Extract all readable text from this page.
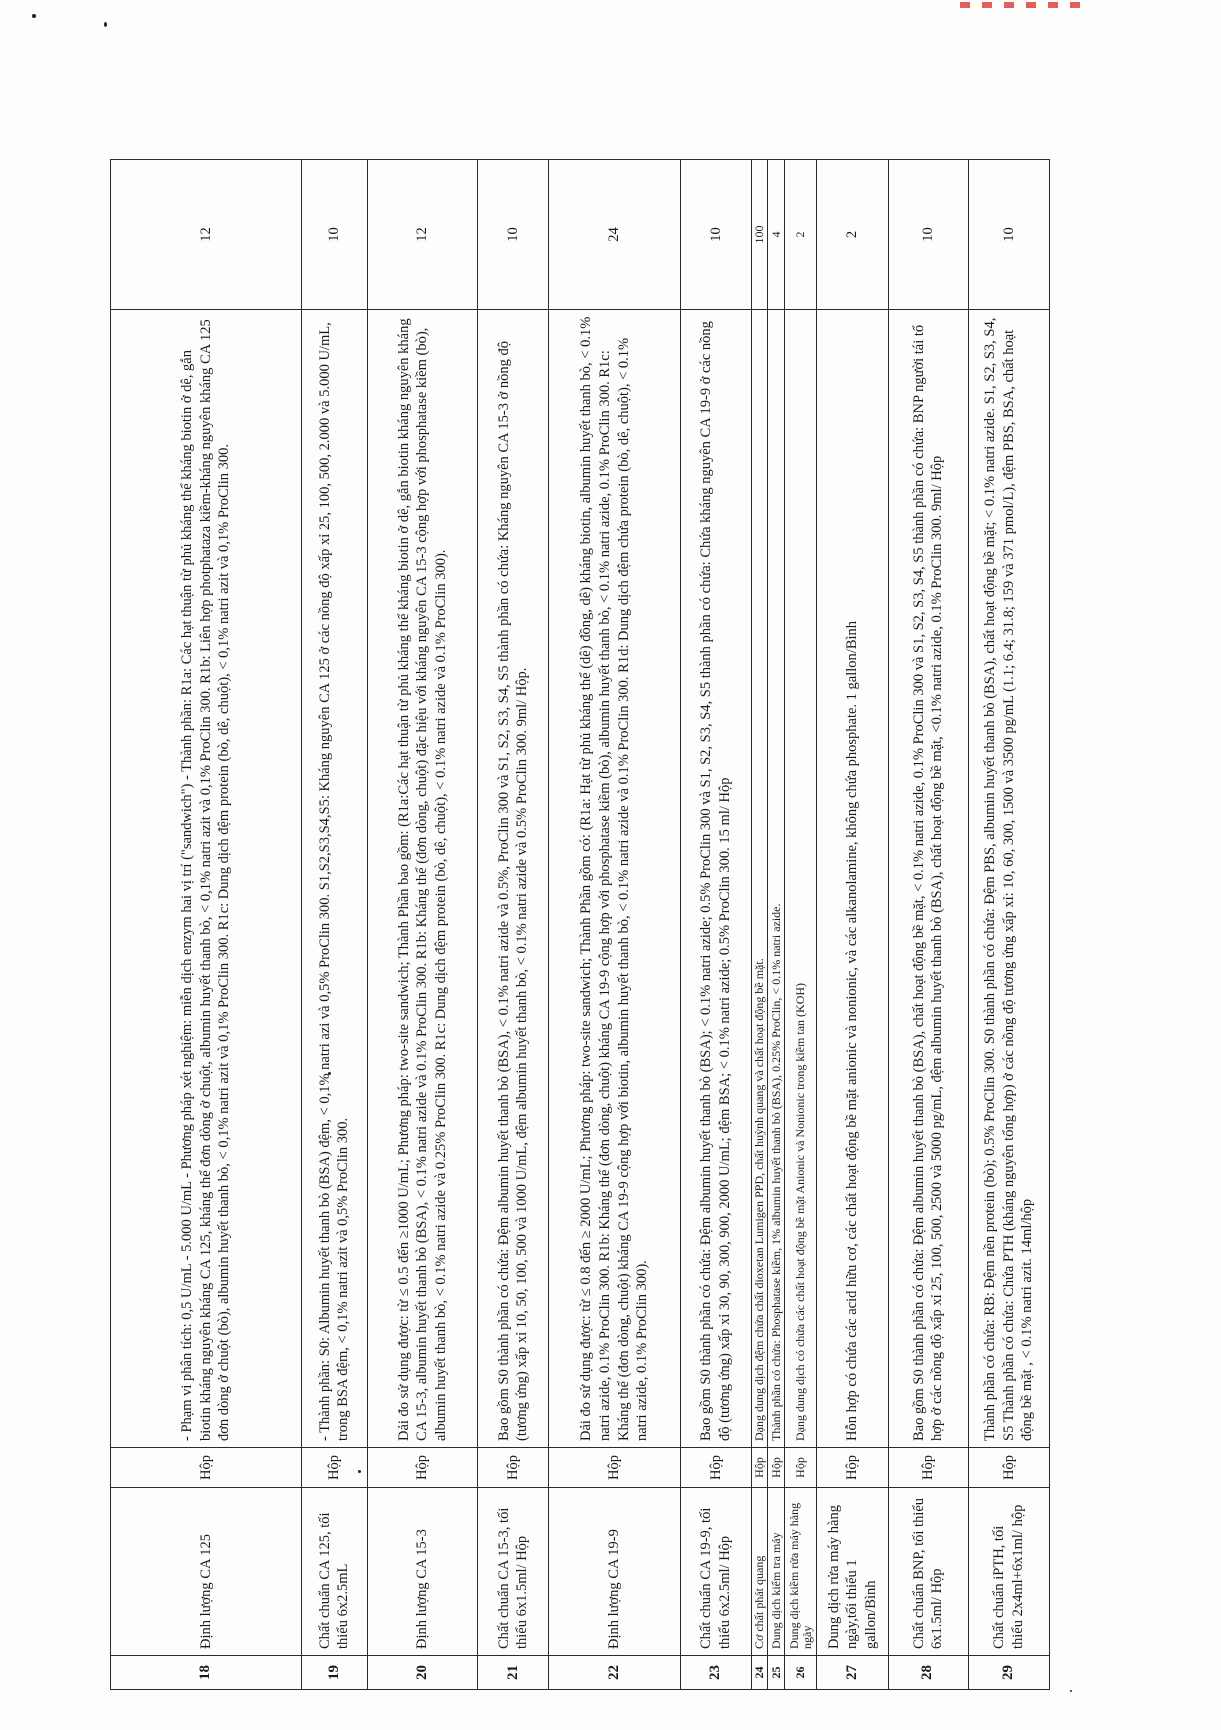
18	Định lượng CA 125	Hộp	- Phạm vi phân tích: 0,5 U/mL - 5.000 U/mL - Phương pháp xét nghiệm: miễn dịch enzym hai vị trí ("sandwich") - Thành phần: R1a: Các hạt thuận từ phủ kháng thể kháng biotin ở dê, gắn biotin kháng nguyên kháng CA 125, kháng thể đơn dòng ở chuột, albumin huyết thanh bò, < 0,1% natri azit và 0,1% ProClin 300. R1b: Liên hợp photphataza kiềm-kháng nguyên kháng CA 125 đơn dòng ở chuột (bò), albumin huyết thanh bò, < 0,1% natri azit và 0,1% ProClin 300. R1c: Dung dịch đệm protein (bò, dê, chuột), < 0,1% natri azit và 0,1% ProClin 300.	12
19	Chất chuẩn CA 125, tối thiểu 6x2.5mL	Hộp	- Thành phần: S0: Albumin huyết thanh bò (BSA) đệm, < 0,1% natri azi và 0,5% ProClin 300. S1,S2,S3,S4,S5: Kháng nguyên CA 125 ở các nồng độ xấp xỉ 25, 100, 500, 2.000 và 5.000 U/mL, trong BSA đệm, < 0,1% natri azit và 0,5% ProClin 300.	10
20	Định lượng CA 15-3	Hộp	Dải đo sử dụng được: từ ≤ 0.5 đến ≥1000 U/mL; Phương pháp: two-site sandwich; Thành Phần bao gồm: (R1a:Các hạt thuận từ phủ kháng thể kháng biotin ở dê, gắn biotin kháng nguyên kháng CA 15-3, albumin huyết thanh bò (BSA), < 0.1% natri azide và 0.1% ProClin 300. R1b: Kháng thể (đơn dòng, chuột) đặc hiệu với kháng nguyên CA 15-3 cộng hợp với phosphatase kiềm (bò), albumin huyết thanh bò, < 0.1% natri azide và 0.25% ProClin 300. R1c: Dung dịch đệm protein (bò, dê, chuột), < 0.1% natri azide và 0.1% ProClin 300).	12
21	Chất chuẩn CA 15-3, tối thiểu 6x1.5ml/ Hộp	Hộp	Bao gồm S0 thành phần có chứa: Đệm albumin huyết thanh bò (BSA), < 0.1% natri azide và 0.5%, ProClin 300 và S1, S2, S3, S4, S5 thành phần có chứa: Kháng nguyên CA 15-3 ở nồng độ (tương ứng) xấp xỉ 10, 50, 100, 500 và 1000 U/mL, đệm albumin huyết thanh bò, < 0.1% natri azide và 0.5% ProClin 300. 9ml/ Hộp.	10
22	Định lượng CA 19-9	Hộp	Dải đo sử dụng được: từ ≤ 0.8 đến ≥ 2000 U/mL; Phương pháp: two-site sandwich; Thành Phần gồm có: (R1a: Hạt từ phủ kháng thể (dê) đồng, dê) kháng biotin, albumin huyết thanh bò, < 0.1% natri azide, 0.1% ProClin 300. R1b: Kháng thể (đơn dòng, chuột) kháng CA 19-9 cộng hợp với phosphatase kiềm (bò), albumin huyết thanh bò, < 0.1% natri azide, 0.1% ProClin 300. R1c: Kháng thể (đơn dòng, chuột) kháng CA 19-9 cộng hợp với biotin, albumin huyết thanh bò, < 0.1% natri azide và 0.1% ProClin 300. R1d: Dung dịch đệm chứa protein (bò, dê, chuột), < 0.1% natri azide, 0.1% ProClin 300).	24
23	Chất chuẩn CA 19-9, tối thiểu 6x2.5ml/ Hộp	Hộp	Bao gồm S0 thành phần có chứa: Đệm albumin huyết thanh bò (BSA); < 0.1% natri azide; 0.5% ProClin 300 và S1, S2, S3, S4, S5 thành phần có chứa: Chứa kháng nguyên CA 19-9 ở các nồng độ (tương ứng) xấp xỉ 30, 90, 300, 900, 2000 U/mL; đệm BSA; < 0.1% natri azide; 0.5% ProClin 300. 15 ml/ Hộp	10
24	Cơ chất phát quang	Hộp	Dạng dung dịch đệm chứa chất dioxetan Lumigen PPD, chất huỳnh quang và chất hoạt động bề mặt.	100
25	Dung dịch kiểm tra máy	Hộp	Thành phần có chứa: Phosphatase kiềm, 1% albumin huyết thanh bò (BSA), 0.25% ProClin, < 0.1% natri azide.	4
26	Dung dịch kiềm rửa máy hàng ngày	Hộp	Dạng dung dịch có chứa các chất hoạt động bề mặt Anionic và Nonionic trong kiềm tan (KOH)	2
27	Dung dịch rửa máy hàng ngày,tối thiểu 1 gallon/Bình	Hộp	Hỗn hợp có chứa các acid hữu cơ, các chất hoạt động bề mặt anionic và nonionic, và các alkanolamine, không chứa phosphate. 1 gallon/Bình	2
28	Chất chuẩn BNP, tối thiểu 6x1.5ml/ Hộp	Hộp	Bao gồm S0 thành phần có chứa: Đệm albumin huyết thanh bò (BSA), chất hoạt động bề mặt, < 0.1% natri azide, 0.1% ProClin 300 và S1, S2, S3, S4, S5 thành phần có chứa: BNP người tái tổ hợp ở các nồng độ xấp xỉ 25, 100, 500, 2500 và 5000 pg/mL, đệm albumin huyết thanh bò (BSA), chất hoạt động bề mặt, <0.1% natri azide, 0.1% ProClin 300. 9ml/ Hộp	10
29	Chất chuẩn iPTH, tối thiểu 2x4ml+6x1ml/ hộp	Hộp	Thành phần có chứa: RB: Đệm nền protein (bò); 0.5% ProClin 300. S0 thành phần có chứa: Đệm PBS, albumin huyết thanh bò (BSA), chất hoạt động bề mặt; < 0.1% natri azide. S1, S2, S3, S4, S5 Thành phần có chứa: Chứa PTH (kháng nguyên tổng hợp) ở các nồng độ tương ứng xấp xỉ: 10, 60, 300, 1500 và 3500 pg/mL (1.1; 6.4; 31.8; 159 và 371 pmol/L), đệm PBS, BSA, chất hoạt động bề mặt , < 0.1% natri azit. 14ml/hộp	10
